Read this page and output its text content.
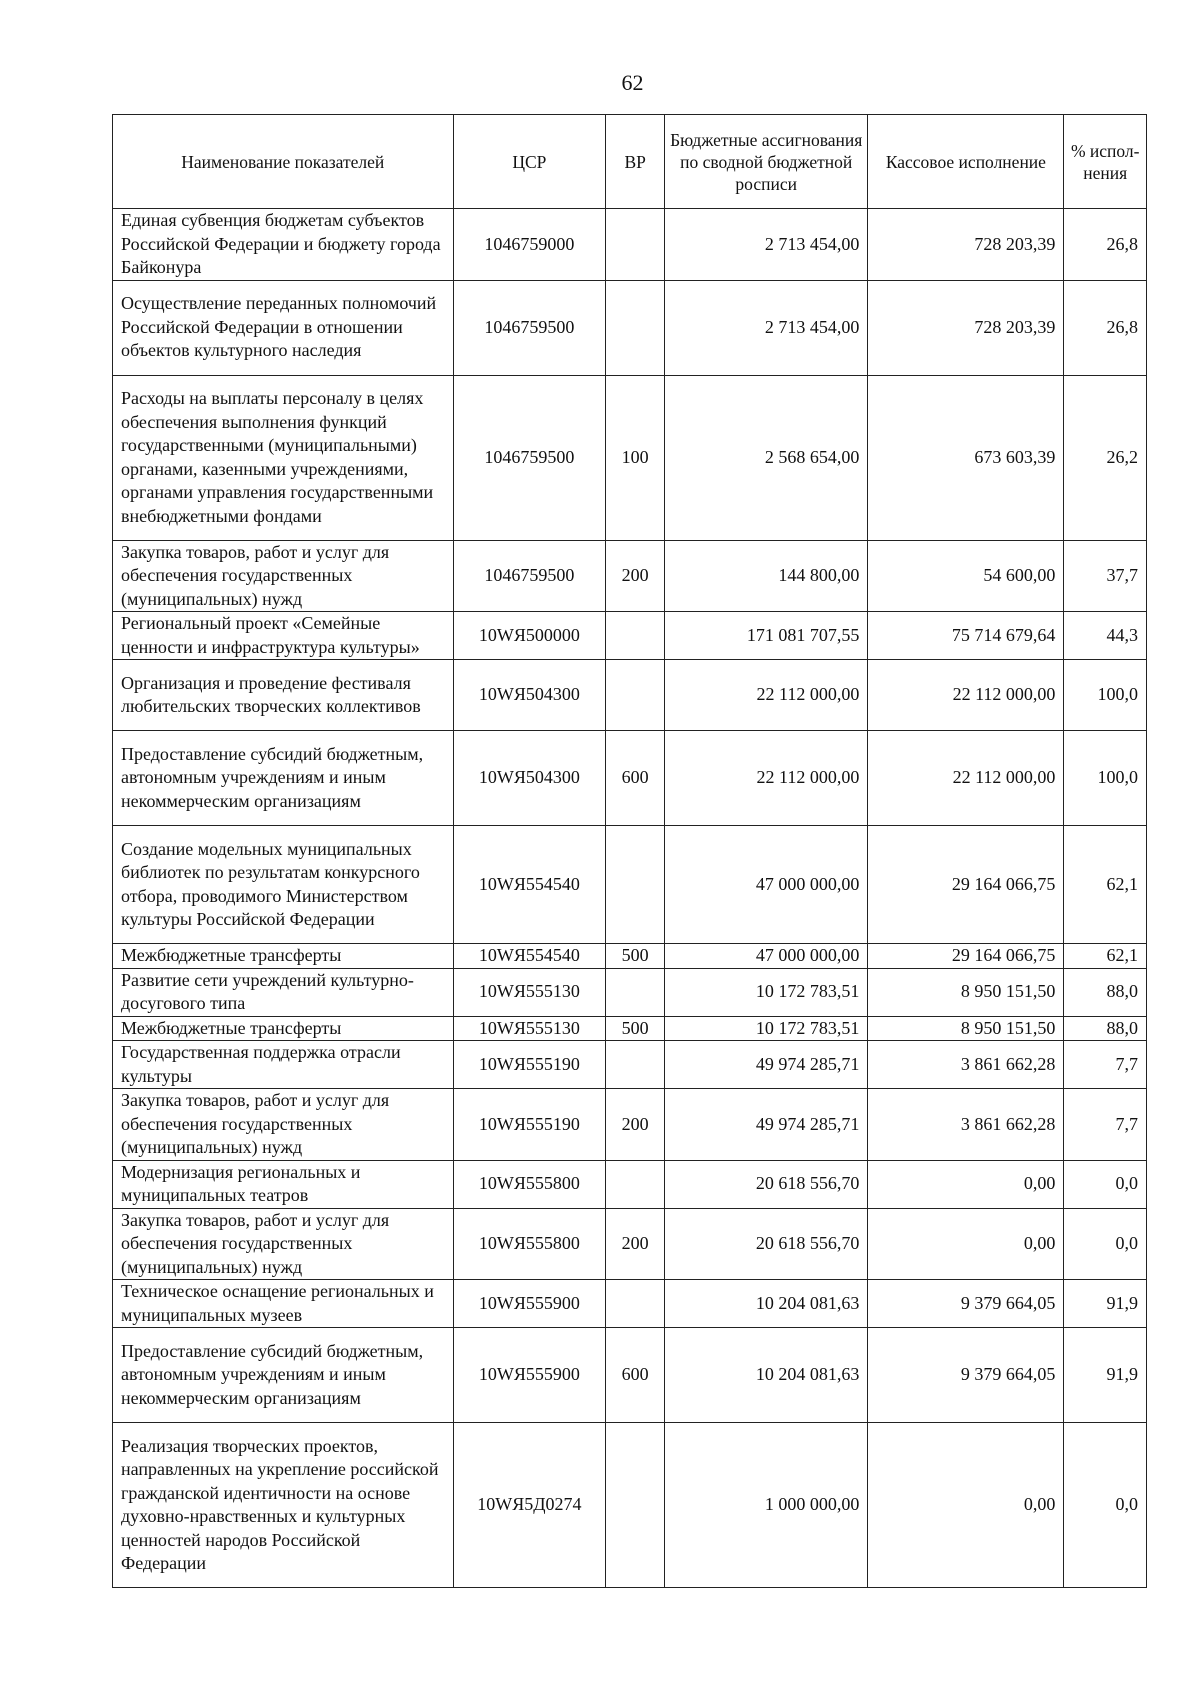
62
Наименование показателей	ЦСР	ВР	Бюджетные ассигнования по сводной бюджетной росписи	Кассовое исполнение	% испол-нения
Единая субвенция бюджетам субъектов Российской Федерации и бюджету города Байконура	1046759000		2 713 454,00	728 203,39	26,8
Осуществление переданных полномочий Российской Федерации в отношении объектов культурного наследия	1046759500		2 713 454,00	728 203,39	26,8
Расходы на выплаты персоналу в целях обеспечения выполнения функций государственными (муниципальными) органами, казенными учреждениями, органами управления государственными внебюджетными фондами	1046759500	100	2 568 654,00	673 603,39	26,2
Закупка товаров, работ и услуг для обеспечения государственных (муниципальных) нужд	1046759500	200	144 800,00	54 600,00	37,7
Региональный проект «Семейные ценности и инфраструктура культуры»	10WЯ500000		171 081 707,55	75 714 679,64	44,3
Организация и проведение фестиваля любительских творческих коллективов	10WЯ504300		22 112 000,00	22 112 000,00	100,0
Предоставление субсидий бюджетным, автономным учреждениям и иным некоммерческим организациям	10WЯ504300	600	22 112 000,00	22 112 000,00	100,0
Создание модельных муниципальных библиотек по результатам конкурсного отбора, проводимого Министерством культуры Российской Федерации	10WЯ554540		47 000 000,00	29 164 066,75	62,1
Межбюджетные трансферты	10WЯ554540	500	47 000 000,00	29 164 066,75	62,1
Развитие сети учреждений культурно-досугового типа	10WЯ555130		10 172 783,51	8 950 151,50	88,0
Межбюджетные трансферты	10WЯ555130	500	10 172 783,51	8 950 151,50	88,0
Государственная поддержка отрасли культуры	10WЯ555190		49 974 285,71	3 861 662,28	7,7
Закупка товаров, работ и услуг для обеспечения государственных (муниципальных) нужд	10WЯ555190	200	49 974 285,71	3 861 662,28	7,7
Модернизация региональных и муниципальных театров	10WЯ555800		20 618 556,70	0,00	0,0
Закупка товаров, работ и услуг для обеспечения государственных (муниципальных) нужд	10WЯ555800	200	20 618 556,70	0,00	0,0
Техническое оснащение региональных и муниципальных музеев	10WЯ555900		10 204 081,63	9 379 664,05	91,9
Предоставление субсидий бюджетным, автономным учреждениям и иным некоммерческим организациям	10WЯ555900	600	10 204 081,63	9 379 664,05	91,9
Реализация творческих проектов, направленных на укрепление российской гражданской идентичности на основе духовно-нравственных и культурных ценностей народов Российской Федерации	10WЯ5Д0274		1 000 000,00	0,00	0,0
